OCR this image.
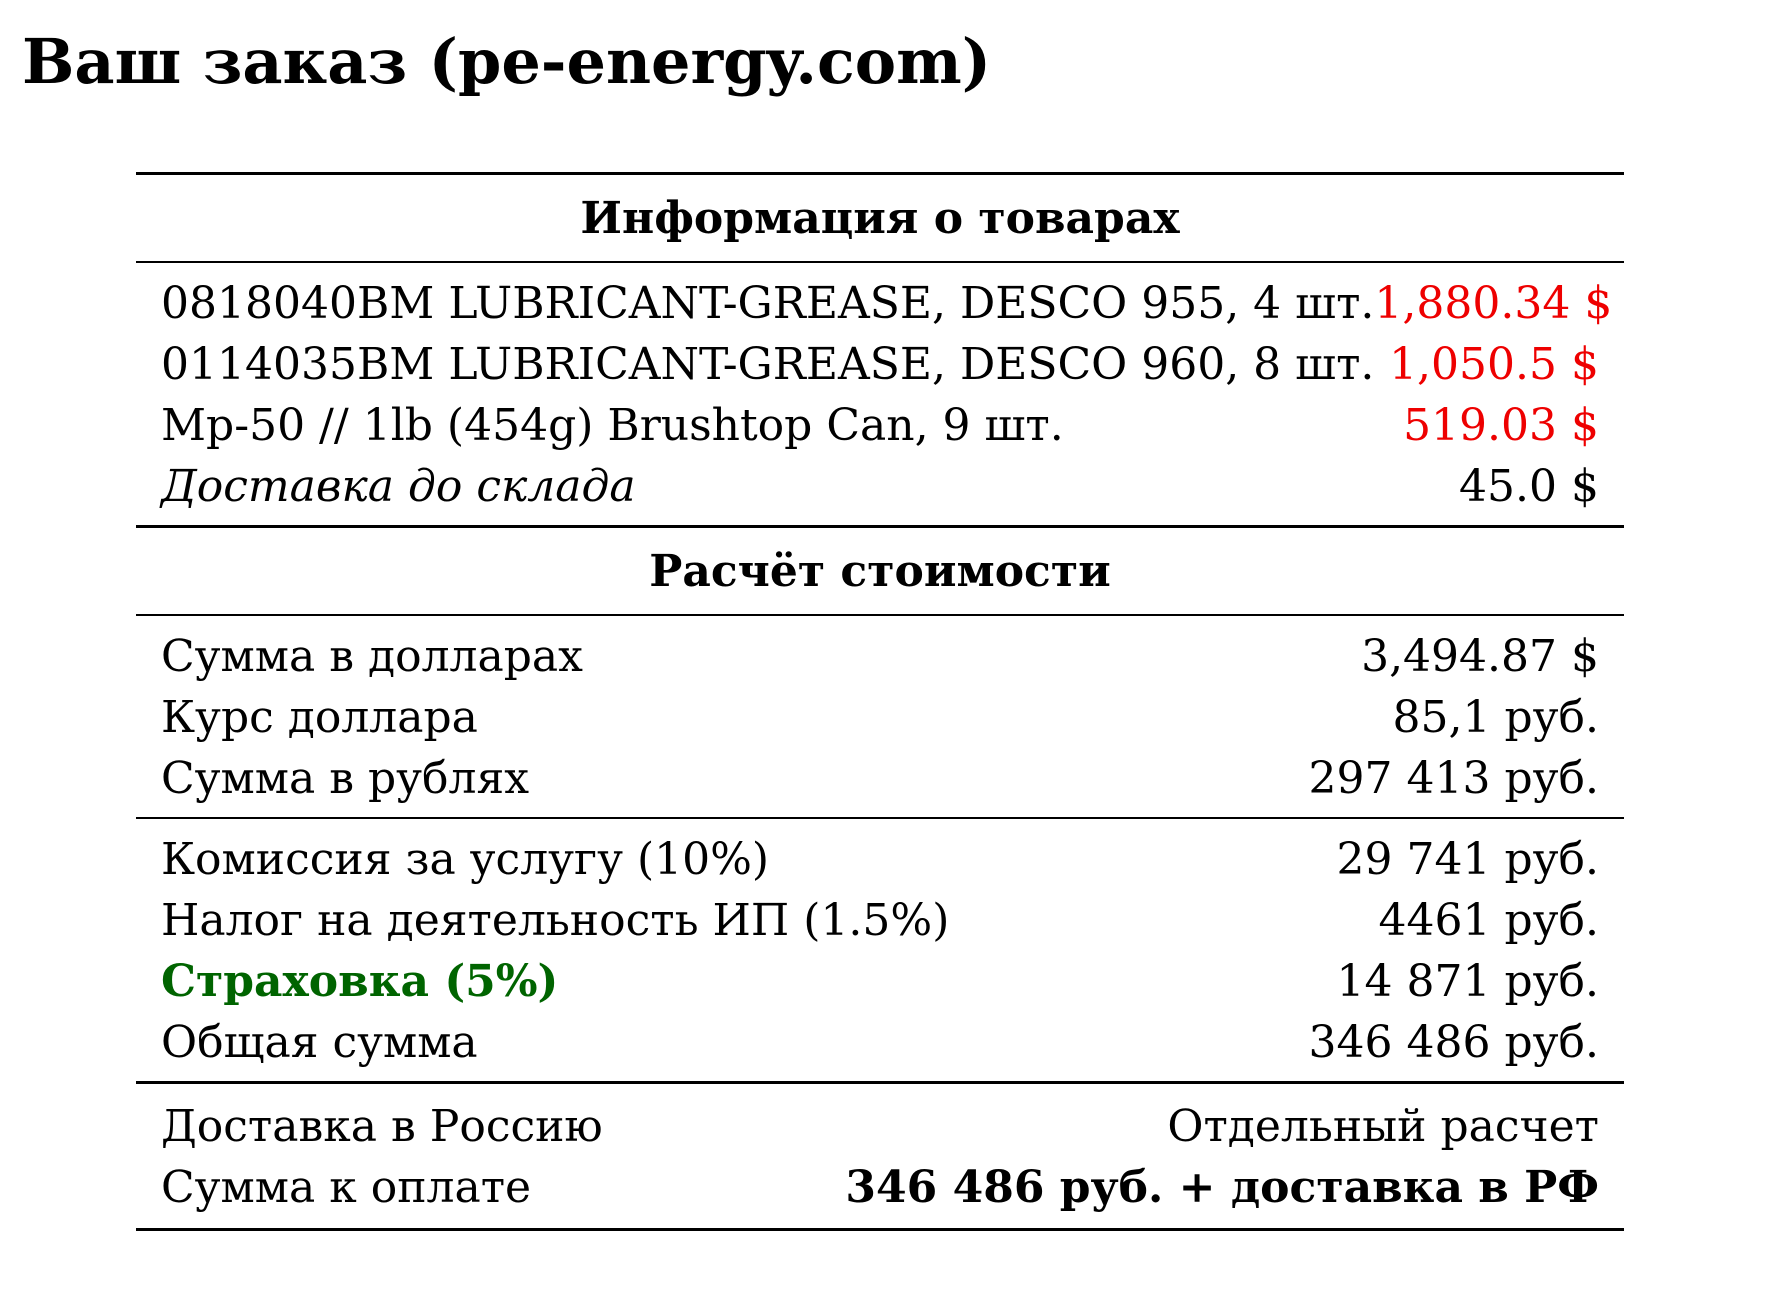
Ваш заказ (pe-energy.com)
Информация о товарах
0818040BM LUBRICANT-GREASE, DESCO 955, 4 шт. 1,880.34 $
0114035BM LUBRICANT-GREASE, DESCO 960, 8 шт. 1,050.5 $
Mp-50 // 1lb (454g) Brushtop Can, 9 шт.	519.03 $
Доставка до склада	45.0 $
Расчёт стоимости
Сумма в долларах	3,494.87 $
Курс доллара	85,1 руб.
Сумма в рублях	297 413 руб.
Комиссия за услугу (10%)	29 741 руб.
Налог на деятельность ИП (1.5%)	4461 руб.
Страховка (5%)	14 871 руб.
Общая сумма	346 486 руб.
Доставка в Россию	Отдельный расчет
Сумма к оплате	346 486 руб. + доставка в РФ
